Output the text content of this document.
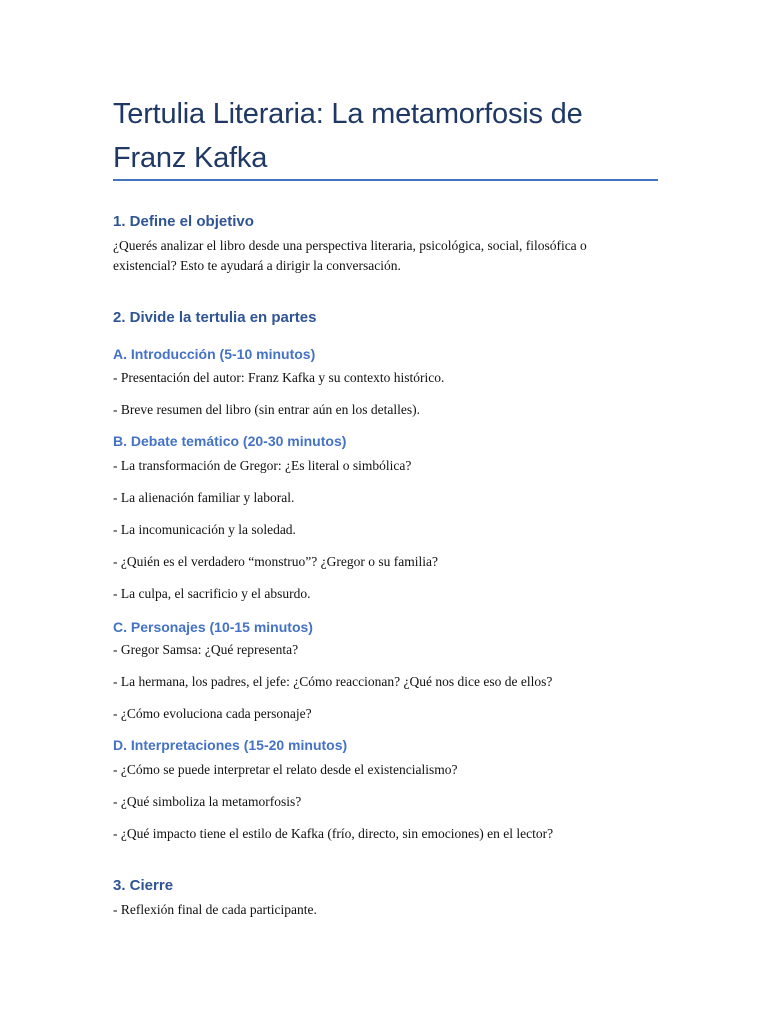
Tertulia Literaria: La metamorfosis de Franz Kafka
1. Define el objetivo
¿Querés analizar el libro desde una perspectiva literaria, psicológica, social, filosófica o existencial? Esto te ayudará a dirigir la conversación.
2. Divide la tertulia en partes
A. Introducción (5-10 minutos)
- Presentación del autor: Franz Kafka y su contexto histórico.
- Breve resumen del libro (sin entrar aún en los detalles).
B. Debate temático (20-30 minutos)
- La transformación de Gregor: ¿Es literal o simbólica?
- La alienación familiar y laboral.
- La incomunicación y la soledad.
- ¿Quién es el verdadero “monstruo”? ¿Gregor o su familia?
- La culpa, el sacrificio y el absurdo.
C. Personajes (10-15 minutos)
- Gregor Samsa: ¿Qué representa?
- La hermana, los padres, el jefe: ¿Cómo reaccionan? ¿Qué nos dice eso de ellos?
- ¿Cómo evoluciona cada personaje?
D. Interpretaciones (15-20 minutos)
- ¿Cómo se puede interpretar el relato desde el existencialismo?
- ¿Qué simboliza la metamorfosis?
- ¿Qué impacto tiene el estilo de Kafka (frío, directo, sin emociones) en el lector?
3. Cierre
- Reflexión final de cada participante.
